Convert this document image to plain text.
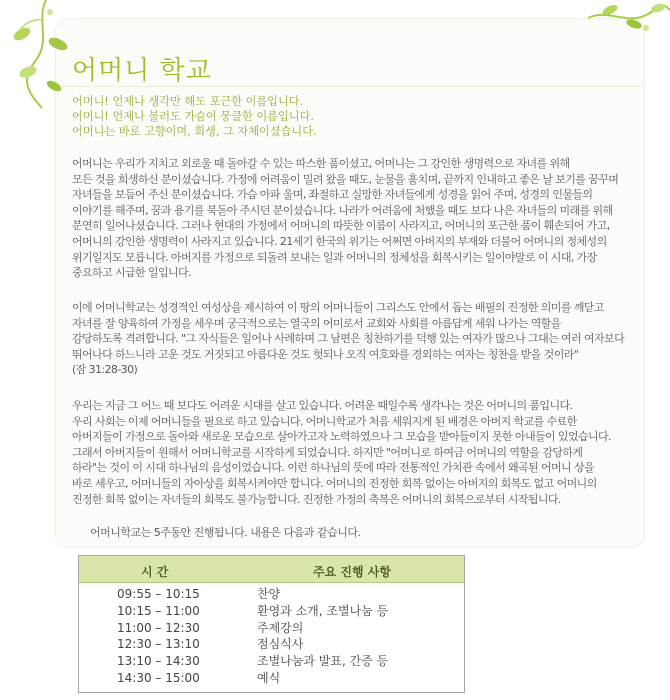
어머니 학교
어머니! 언제나 생각만 해도 포근한 이름입니다.
어머니! 언제나 불러도 가슴이 뭉클한 이름입니다.
어머니는 바로 고향이며, 희생, 그 자체이셨습니다.
어머니는 우리가 지치고 외로울 때 돌아갈 수 있는 따스한 품이셨고, 어머니는 그 강인한 생명력으로 자녀를 위해
모든 것을 희생하신 분이셨습니다. 가정에 어려움이 밀려 왔을 때도, 눈물을 훔치며, 끝까지 인내하고 좋은 날 보기를 꿈꾸며
자녀들을 보듬어 주신 분이셨습니다. 가슴 아파 울며, 좌절하고 실망한 자녀들에게 성경을 읽어 주며, 성경의 인물들의
이야기를 해주며, 꿈과 용기를 북돋아 주시던 분이셨습니다. 나라가 어려움에 처했을 때도 보다 나은 자녀들의 미래를 위해
분연히 일어나셨습니다. 그러나 현대의 가정에서 어머니의 따뜻한 이름이 사라지고, 어머니의 포근한 품이 훼손되어 가고,
어머니의 강인한 생명력이 사라지고 있습니다. 21세기 한국의 위기는 어쩌면 아버지의 부재와 더불어 어머니의 정체성의
위기일지도 모릅니다. 아버지를 가정으로 되돌려 보내는 일과 어머니의 정체성을 회복시키는 일이야말로 이 시대, 가장
중요하고 시급한 일입니다.
이에 어머니학교는 성경적인 여성상을 제시하여 이 땅의 어머니들이 그리스도 안에서 돕는 배필의 진정한 의미를 깨닫고
자녀를 잘 양육하여 가정을 세우며 궁극적으로는 열국의 어미로서 교회와 사회를 아름답게 세워 나가는 역할을
감당하도록 격려합니다. "그 자식들은 일어나 사례하며 그 남편은 칭찬하기를 덕행 있는 여자가 많으나 그대는 여러 여자보다
뛰어나다 하느니라 고운 것도 거짓되고 아름다운 것도 헛되나 오직 여호와를 경외하는 여자는 칭찬을 받을 것이라"
(잠 31:28-30)
우리는 지금 그 어느 때 보다도 어려운 시대를 살고 있습니다. 어려운 때일수록 생각나는 것은 어머니의 품입니다.
우리 사회는 이제 어머니들을 필요로 하고 있습니다. 어머니학교가 처음 세워지게 된 배경은 아버지 학교를 수료한
아버지들이 가정으로 돌아와 새로운 모습으로 살아가고자 노력하였으나 그 모습을 받아들이지 못한 아내들이 있었습니다.
그래서 아버지들이 원해서 어머니학교를 시작하게 되었습니다. 하지만 "어머니로 하여금 어머니의 역할을 감당하게
하라"는 것이 이 시대 하나님의 음성이었습니다. 이런 하나님의 뜻에 따라 전통적인 가치관 속에서 왜곡된 어머니 상을
바로 세우고, 어머니들의 자아상을 회복시켜야만 합니다. 어머니의 진정한 회복 없이는 아버지의 회복도 없고 어머니의
진정한 회복 없이는 자녀들의 회복도 불가능합니다. 진정한 가정의 축복은 어머니의 회복으로부터 시작됩니다.
어머니학교는 5주동안 진행됩니다. 내용은 다음과 같습니다.
시 간	주요 진행 사항
09:55 – 10:15
10:15 – 11:00
11:00 – 12:30
12:30 – 13:10
13:10 – 14:30
14:30 – 15:00
찬양
환영과 소개, 조별나눔 등
주제강의
점심식사
조별나눔과 발표, 간증 등
예식
